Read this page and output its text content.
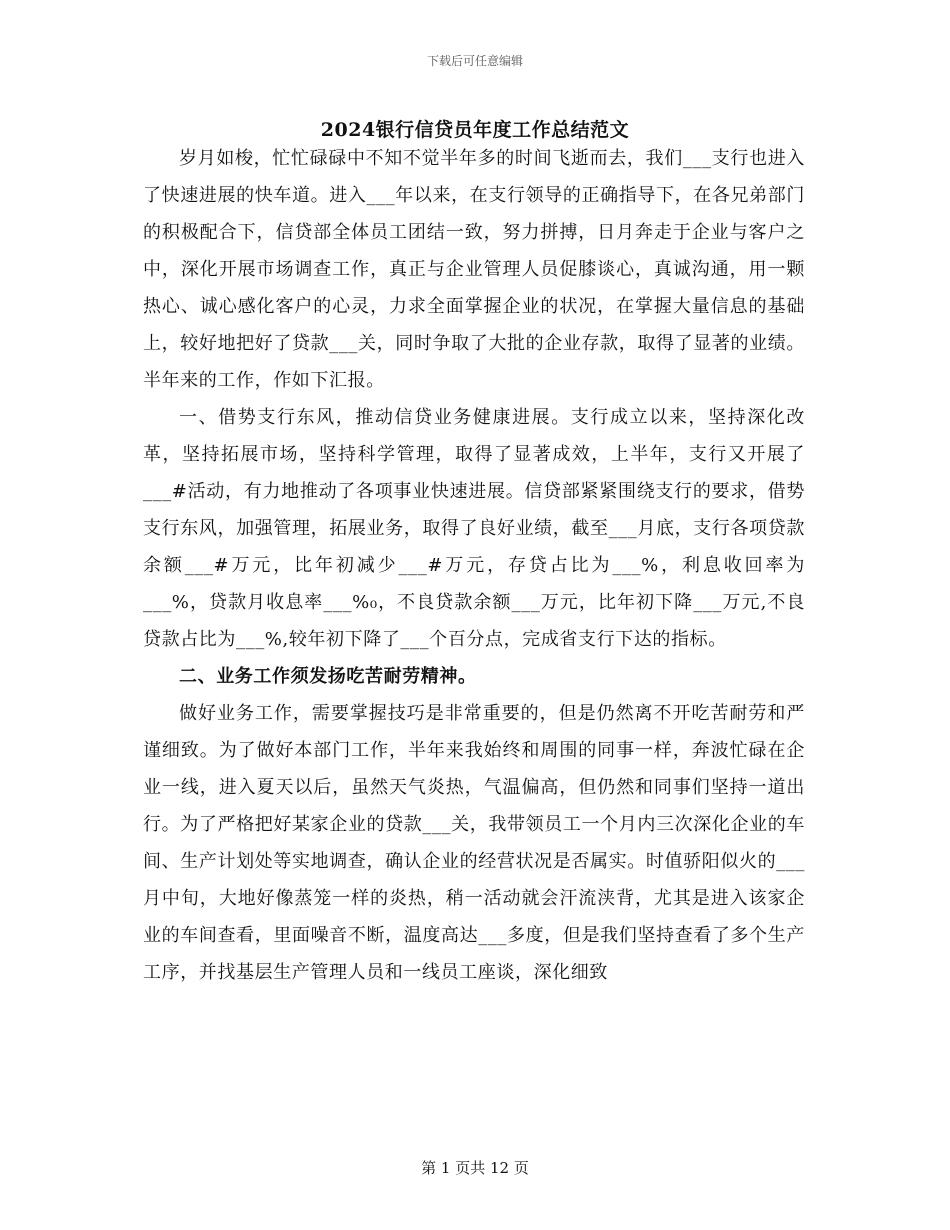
下载后可任意编辑
2024银行信贷员年度工作总结范文

岁月如梭，忙忙碌碌中不知不觉半年多的时间飞逝而去，我们___支行也进入了快速进展的快车道。进入___年以来，在支行领导的正确指导下，在各兄弟部门的积极配合下，信贷部全体员工团结一致，努力拼搏，日月奔走于企业与客户之中，深化开展市场调查工作，真正与企业管理人员促膝谈心，真诚沟通，用一颗热心、诚心感化客户的心灵，力求全面掌握企业的状况，在掌握大量信息的基础上，较好地把好了贷款___关，同时争取了大批的企业存款，取得了显著的业绩。半年来的工作，作如下汇报。

一、借势支行东风，推动信贷业务健康进展。支行成立以来，坚持深化改革，坚持拓展市场，坚持科学管理，取得了显著成效，上半年，支行又开展了___#活动，有力地推动了各项事业快速进展。信贷部紧紧围绕支行的要求，借势支行东风，加强管理，拓展业务，取得了良好业绩，截至___月底，支行各项贷款余额___#万元，比年初减少___#万元，存贷占比为___%，利息收回率为___%，贷款月收息率___%₀，不良贷款余额___万元，比年初下降___万元,不良贷款占比为___%,较年初下降了___个百分点，完成省支行下达的指标。

二、业务工作须发扬吃苦耐劳精神。

做好业务工作，需要掌握技巧是非常重要的，但是仍然离不开吃苦耐劳和严谨细致。为了做好本部门工作，半年来我始终和周围的同事一样，奔波忙碌在企业一线，进入夏天以后，虽然天气炎热，气温偏高，但仍然和同事们坚持一道出行。为了严格把好某家企业的贷款___关，我带领员工一个月内三次深化企业的车间、生产计划处等实地调查，确认企业的经营状况是否属实。时值骄阳似火的___月中旬，大地好像蒸笼一样的炎热，稍一活动就会汗流浃背，尤其是进入该家企业的车间查看，里面噪音不断，温度高达___多度，但是我们坚持查看了多个生产工序，并找基层生产管理人员和一线员工座谈，深化细致

第 1 页共 12 页
